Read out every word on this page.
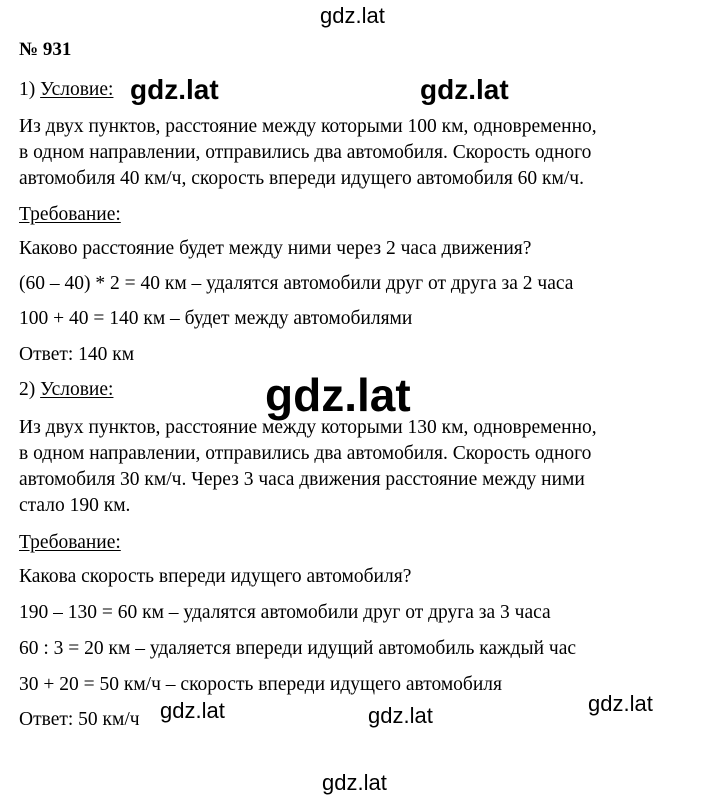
gdz.lat
gdz.lat	gdz.lat
gdz.lat
gdz.lat	gdz.lat	gdz.lat
gdz.lat
№ 931
1) Условие:
Из двух пунктов, расстояние между которыми 100 км, одновременно,
в одном направлении, отправились два автомобиля. Скорость одного
автомобиля 40 км/ч, скорость впереди идущего автомобиля 60 км/ч.
Требование:
Каково расстояние будет между ними через 2 часа движения?
(60 – 40) * 2 = 40 км – удалятся автомобили друг от друга за 2 часа
100 + 40 = 140 км – будет между автомобилями
Ответ: 140 км
2) Условие:
Из двух пунктов, расстояние между которыми 130 км, одновременно,
в одном направлении, отправились два автомобиля. Скорость одного
автомобиля 30 км/ч. Через 3 часа движения расстояние между ними
стало 190 км.
Требование:
Какова скорость впереди идущего автомобиля?
190 – 130 = 60 км – удалятся автомобили друг от друга за 3 часа
60 : 3 = 20 км – удаляется впереди идущий автомобиль каждый час
30 + 20 = 50 км/ч – скорость впереди идущего автомобиля
Ответ: 50 км/ч
